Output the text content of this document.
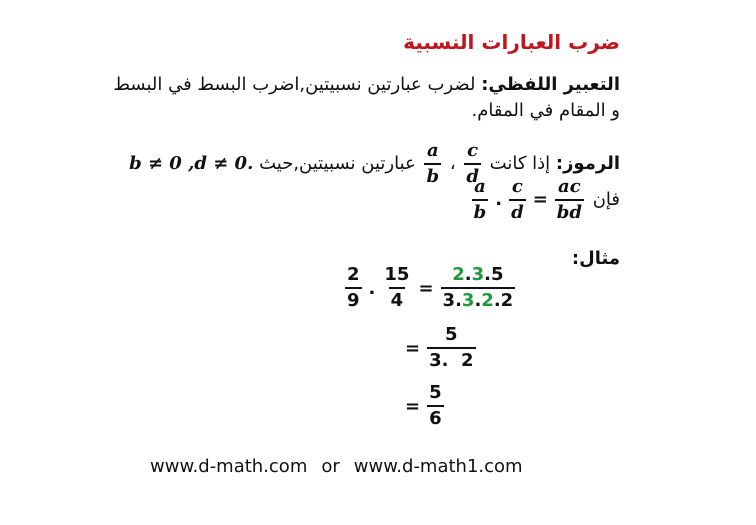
ضرب العبارات النسبية
التعبير اللفظي: لضرب عبارتين نسبيتين,اضرب البسط في البسط و المقام في المقام.
الرموز: إذا كانت
$\frac{c}{d}$
،
$\frac{a}{b}$
عبارتين نسبيتين,حيث b ≠ 0 ,d ≠ 0.
فإن
$\frac{a}{b}$ . $\frac{c}{d} = \frac{ac}{bd}$
مثال:
$\frac{2}{9}$ . $\frac{15}{4} = \frac{2.3.5}{3.3.2.2}$
= $\frac{5}{3. 2}$
= $\frac{5}{6}$
www.d-math.com or www.d-math1.com
